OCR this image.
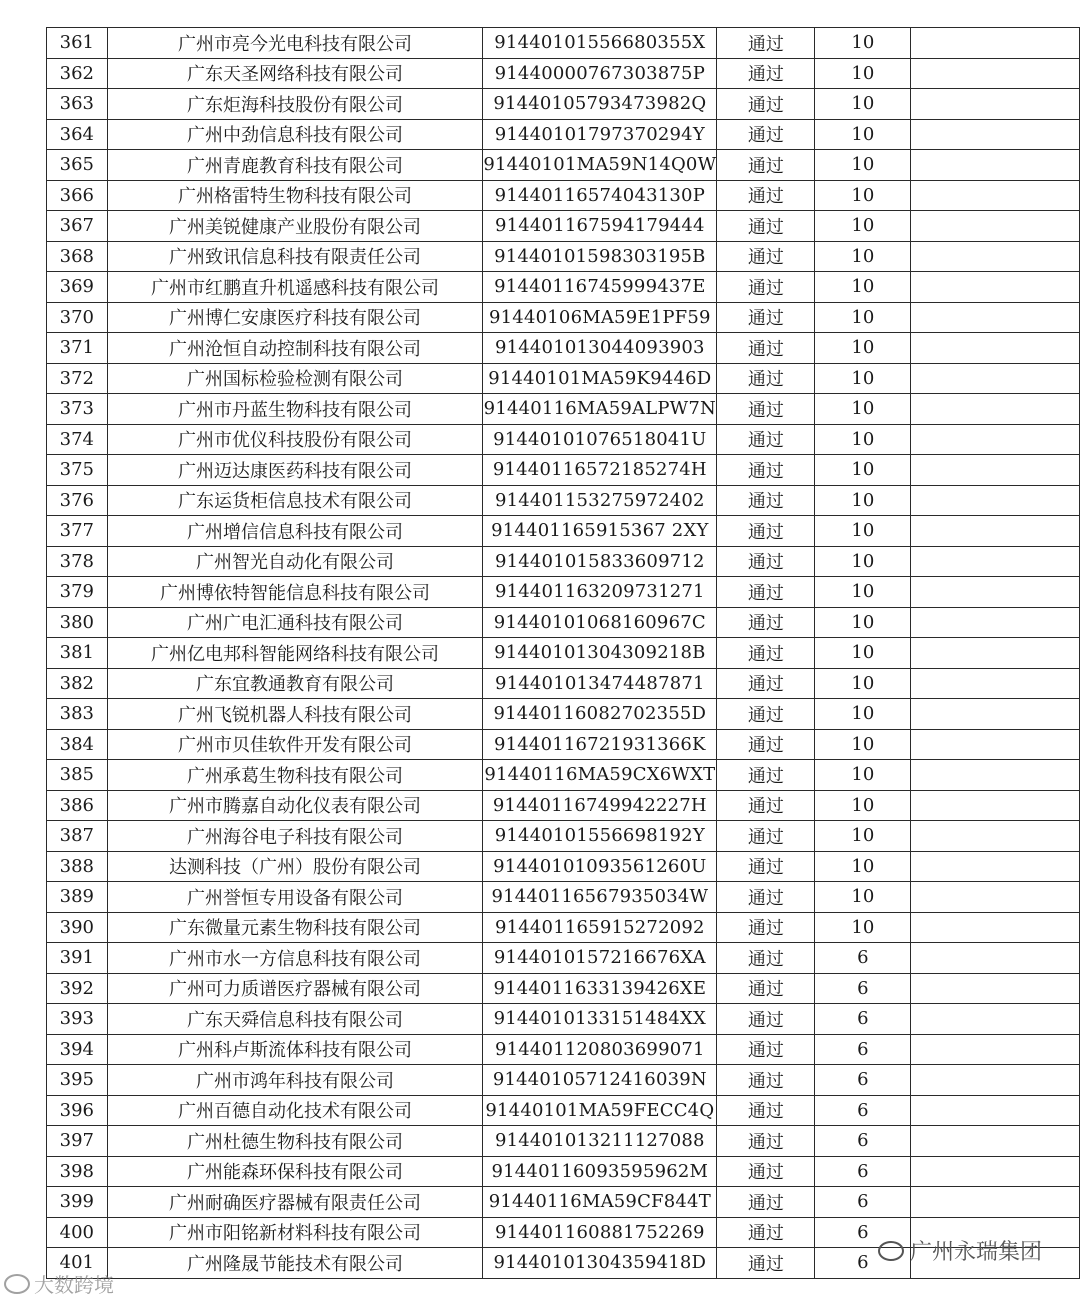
361	广州市亮今光电科技有限公司	91440101556680355X	通过	10	
362	广东天圣网络科技有限公司	91440000767303875P	通过	10	
363	广东炬海科技股份有限公司	91440105793473982Q	通过	10	
364	广州中劲信息科技有限公司	91440101797370294Y	通过	10	
365	广州青鹿教育科技有限公司	91440101MA59N14Q0W	通过	10	
366	广州格雷特生物科技有限公司	91440116574043130P	通过	10	
367	广州美锐健康产业股份有限公司	914401167594179444	通过	10	
368	广州致讯信息科技有限责任公司	91440101598303195B	通过	10	
369	广州市红鹏直升机遥感科技有限公司	91440116745999437E	通过	10	
370	广州博仁安康医疗科技有限公司	91440106MA59E1PF59	通过	10	
371	广州沧恒自动控制科技有限公司	914401013044093903	通过	10	
372	广州国标检验检测有限公司	91440101MA59K9446D	通过	10	
373	广州市丹蓝生物科技有限公司	91440116MA59ALPW7N	通过	10	
374	广州市优仪科技股份有限公司	91440101076518041U	通过	10	
375	广州迈达康医药科技有限公司	91440116572185274H	通过	10	
376	广东运货柜信息技术有限公司	914401153275972402	通过	10	
377	广州增信信息科技有限公司	914401165915367 2XY	通过	10	
378	广州智光自动化有限公司	914401015833609712	通过	10	
379	广州博依特智能信息科技有限公司	914401163209731271	通过	10	
380	广州广电汇通科技有限公司	91440101068160967C	通过	10	
381	广州亿电邦科智能网络科技有限公司	91440101304309218B	通过	10	
382	广东宜教通教育有限公司	914401013474487871	通过	10	
383	广州飞锐机器人科技有限公司	91440116082702355D	通过	10	
384	广州市贝佳软件开发有限公司	91440116721931366K	通过	10	
385	广州承葛生物科技有限公司	91440116MA59CX6WXT	通过	10	
386	广州市腾嘉自动化仪表有限公司	91440116749942227H	通过	10	
387	广州海谷电子科技有限公司	91440101556698192Y	通过	10	
388	达测科技（广州）股份有限公司	91440101093561260U	通过	10	
389	广州誉恒专用设备有限公司	91440116567935034W	通过	10	
390	广东微量元素生物科技有限公司	914401165915272092	通过	10	
391	广州市水一方信息科技有限公司	9144010157216676XA	通过	6	
392	广州可力质谱医疗器械有限公司	9144011633139426XE	通过	6	
393	广东天舜信息科技有限公司	9144010133151484XX	通过	6	
394	广州科卢斯流体科技有限公司	914401120803699071	通过	6	
395	广州市鸿年科技有限公司	91440105712416039N	通过	6	
396	广州百德自动化技术有限公司	91440101MA59FECC4Q	通过	6	
397	广州杜德生物科技有限公司	914401013211127088	通过	6	
398	广州能森环保科技有限公司	91440116093595962M	通过	6	
399	广州耐确医疗器械有限责任公司	91440116MA59CF844T	通过	6	
400	广州市阳铭新材料科技有限公司	914401160881752269	通过	6	
401	广州隆晟节能技术有限公司	91440101304359418D	通过	6	广州永瑞集团
大数跨境
